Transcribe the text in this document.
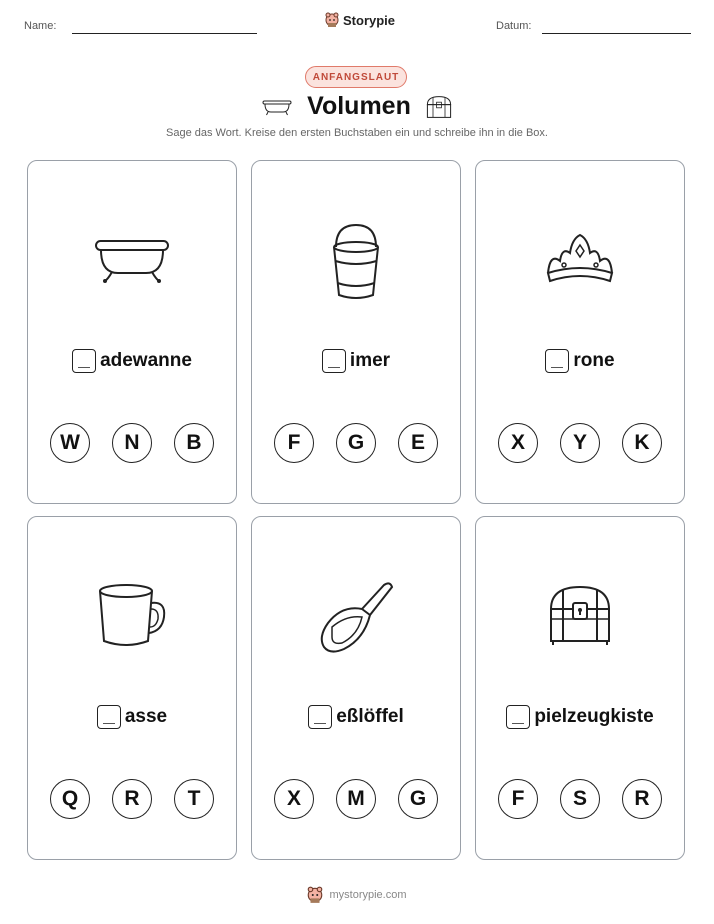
Name:	Storypie	Datum:
ANFANGSLAUT
Volumen
Sage das Wort. Kreise den ersten Buchstaben ein und schreibe ihn in die Box.
adewanne
W	N	B
imer
F	G	E
rone
X	Y	K
asse
Q	R	T
eßlöffel
X	M	G
pielzeugkiste
F	S	R
mystorypie.com
